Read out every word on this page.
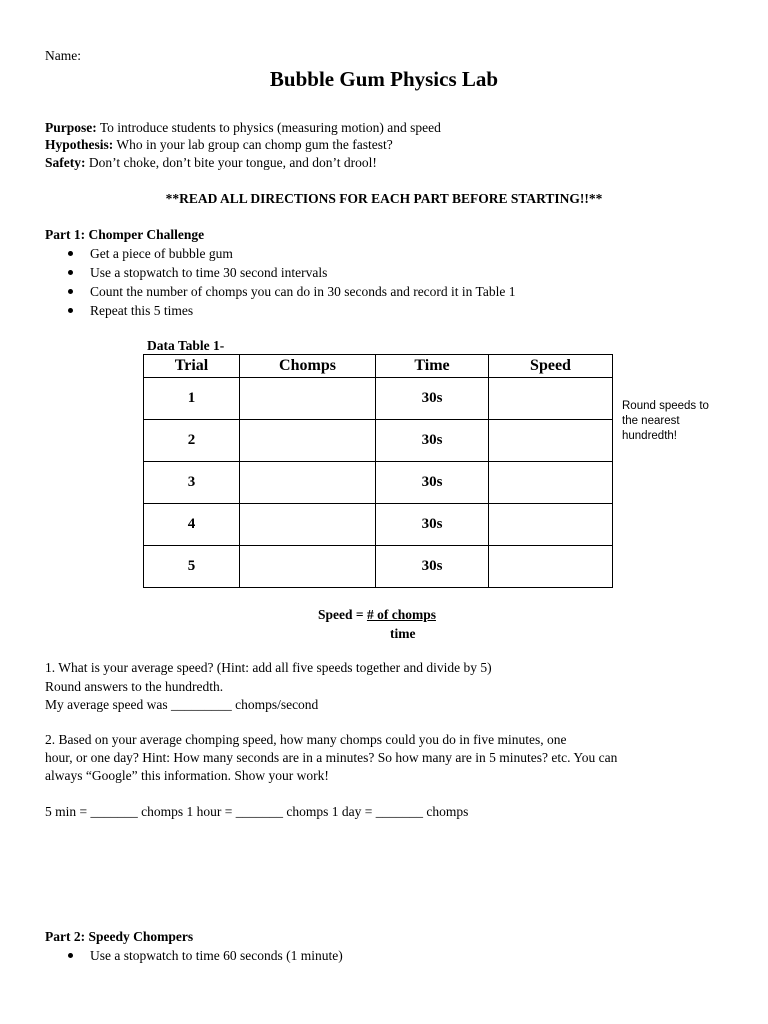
Name:
Bubble Gum Physics Lab
Purpose: To introduce students to physics (measuring motion) and speed
Hypothesis: Who in your lab group can chomp gum the fastest?
Safety: Don’t choke, don’t bite your tongue, and don’t drool!
**READ ALL DIRECTIONS FOR EACH PART BEFORE STARTING!!**
Part 1: Chomper Challenge
Get a piece of bubble gum
Use a stopwatch to time 30 second intervals
Count the number of chomps you can do in 30 seconds and record it in Table 1
Repeat this 5 times
Data Table 1-
Trial	Chomps	Time	Speed
1		30s	
2		30s	
3		30s	
4		30s	
5		30s	
Round speeds to the nearest hundredth!
Speed = # of chomps
time
1. What is your average speed? (Hint: add all five speeds together and divide by 5)
Round answers to the hundredth.
My average speed was _________ chomps/second
2. Based on your average chomping speed, how many chomps could you do in five minutes, one
hour, or one day? Hint: How many seconds are in a minutes? So how many are in 5 minutes? etc. You can
always “Google” this information. Show your work!
5 min = _______ chomps 1 hour = _______ chomps 1 day = _______ chomps
Part 2: Speedy Chompers
Use a stopwatch to time 60 seconds (1 minute)
